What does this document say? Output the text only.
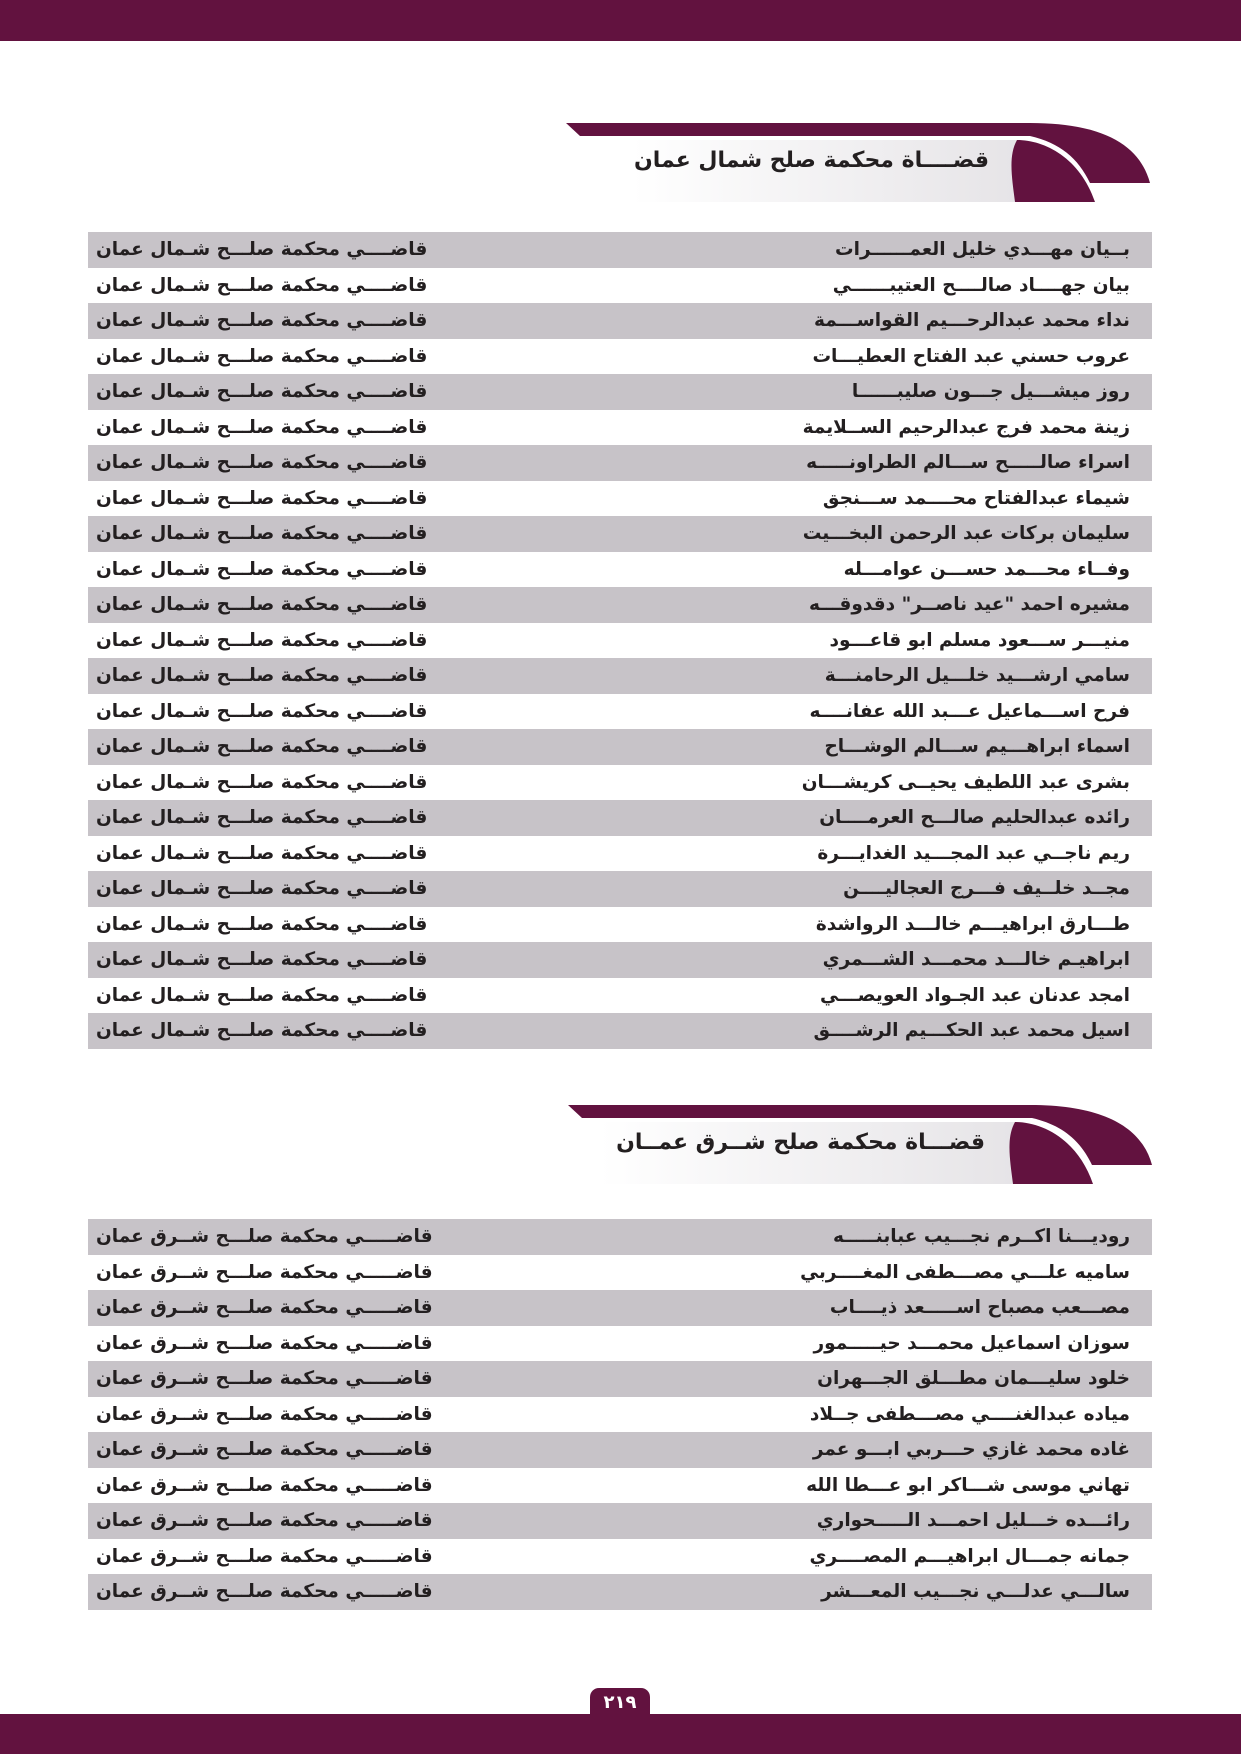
قضــــاة محكمة صلح شمال عمان
بــيان مهـــدي خليل العمــــــرات
قاضــــي محكمة صلـــح شـمال عمان
بيان جهــــاد صالــــح العتيبــــــي
قاضــــي محكمة صلـــح شـمال عمان
نداء محمد عبدالرحـــيم القواســـمة
قاضــــي محكمة صلـــح شـمال عمان
عروب حسني عبد الفتاح العطيـــات
قاضــــي محكمة صلـــح شـمال عمان
روز ميشـــيل جـــون صليبــــــا
قاضــــي محكمة صلـــح شـمال عمان
زينة محمد فرج عبدالرحيم الســلايمة
قاضــــي محكمة صلـــح شـمال عمان
اسراء صالـــــح ســـالم الطراونـــــه
قاضــــي محكمة صلـــح شـمال عمان
شيماء عبدالفتاح محــــمد ســـنجق
قاضــــي محكمة صلـــح شـمال عمان
سليمان بركات عبد الرحمن البخـــيت
قاضــــي محكمة صلـــح شـمال عمان
وفــاء محـــمد حســـن عوامـــله
قاضــــي محكمة صلـــح شـمال عمان
مشيره احمد "عيد ناصــر" دقدوقـــه
قاضــــي محكمة صلـــح شـمال عمان
منيـــر ســـعود مسلم ابو قاعـــود
قاضــــي محكمة صلـــح شـمال عمان
سامي ارشـــيد خلـــيل الرحامنـــة
قاضــــي محكمة صلـــح شـمال عمان
فرح اســـماعيل عـــبد الله عفانــــه
قاضــــي محكمة صلـــح شـمال عمان
اسماء ابراهـــيم ســـالم الوشـــاح
قاضــــي محكمة صلـــح شـمال عمان
بشرى عبد اللطيف يحيــى كريشـــان
قاضــــي محكمة صلـــح شـمال عمان
رائده عبدالحليم صالـــح العرمــــان
قاضــــي محكمة صلـــح شـمال عمان
ريم ناجــي عبد المجـــيد الغدايـــرة
قاضــــي محكمة صلـــح شـمال عمان
مجــد خلــيف فـــرج العجاليــــن
قاضــــي محكمة صلـــح شـمال عمان
طـــارق ابراهيـــم خالـــد الرواشدة
قاضــــي محكمة صلـــح شـمال عمان
ابراهيـم خالـــد محمـــد الشـــمري
قاضــــي محكمة صلـــح شـمال عمان
امجد عدنان عبد الجـواد العويصـــي
قاضــــي محكمة صلـــح شـمال عمان
اسيل محمد عبد الحكـــيم الرشــــق
قاضــــي محكمة صلـــح شـمال عمان
قضـــاة محكمة صلح شــرق عمــان
روديـــنا اكــرم نجـــيب عبابنـــــه
قاضـــــي محكمة صلـــح شــرق عمان
ساميه علـــي مصـــطفى المغــــربي
قاضـــــي محكمة صلـــح شــرق عمان
مصـــعب مصباح اســـــعد ذيــــاب
قاضـــــي محكمة صلـــح شــرق عمان
سوزان اسماعيل محمـــد حيـــــمور
قاضـــــي محكمة صلـــح شــرق عمان
خلود سليـــمان مطـــلق الجـــهران
قاضـــــي محكمة صلـــح شــرق عمان
مياده عبدالغنــــي مصـــطفى جــلاد
قاضـــــي محكمة صلـــح شــرق عمان
غاده محمد غازي حـــربي ابـــو عمر
قاضـــــي محكمة صلـــح شــرق عمان
تهاني موسى شـــاكر ابو عـــطا الله
قاضـــــي محكمة صلـــح شــرق عمان
رائـــده خـــليل احمـــد الـــــحواري
قاضـــــي محكمة صلـــح شــرق عمان
جمانه جمـــال ابراهيـــم المصــــري
قاضـــــي محكمة صلـــح شــرق عمان
سالـــي عدلـــي نجـــيب المعـــشر
قاضـــــي محكمة صلـــح شــرق عمان
٢١٩
